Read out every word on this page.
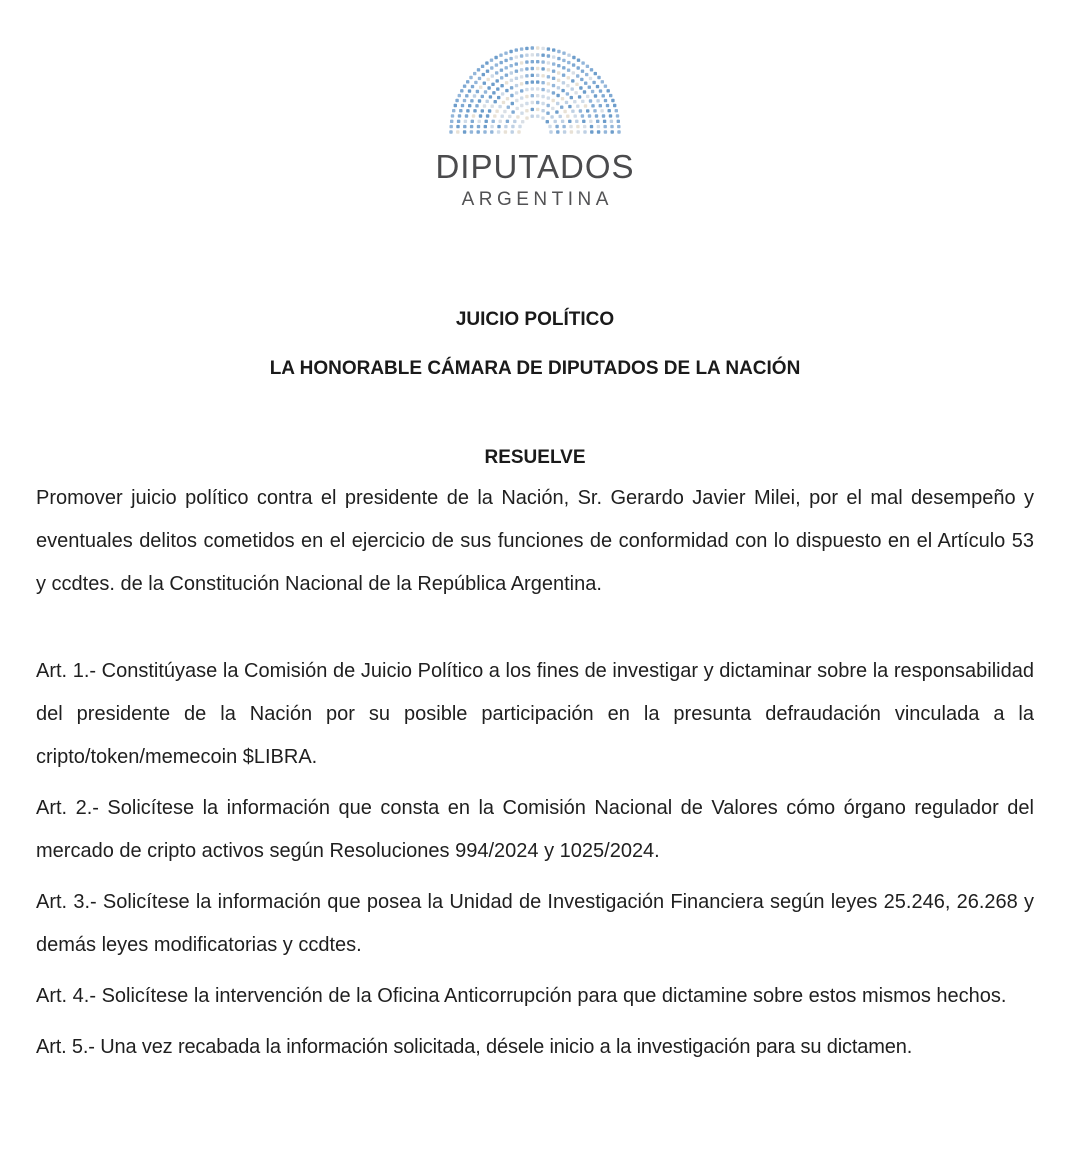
DIPUTADOS
ARGENTINA
JUICIO POLÍTICO
LA HONORABLE CÁMARA DE DIPUTADOS DE LA NACIÓN
RESUELVE

Promover juicio político contra el presidente de la Nación, Sr. Gerardo Javier Milei, por el mal desempeño y eventuales delitos cometidos en el ejercicio de sus funciones de conformidad con lo dispuesto en el Artículo 53 y ccdtes. de la Constitución Nacional de la República Argentina.

Art. 1.- Constitúyase la Comisión de Juicio Político a los fines de investigar y dictaminar sobre la responsabilidad del presidente de la Nación por su posible participación en la presunta defraudación vinculada a la cripto/token/memecoin $LIBRA.

Art. 2.- Solicítese la información que consta en la Comisión Nacional de Valores cómo órgano regulador del mercado de cripto activos según Resoluciones 994/2024 y 1025/2024.

Art. 3.- Solicítese la información que posea la Unidad de Investigación Financiera según leyes 25.246, 26.268 y demás leyes modificatorias y ccdtes.

Art. 4.- Solicítese la intervención de la Oficina Anticorrupción para que dictamine sobre estos mismos hechos.

Art. 5.- Una vez recabada la información solicitada, désele inicio a la investigación para su dictamen.
